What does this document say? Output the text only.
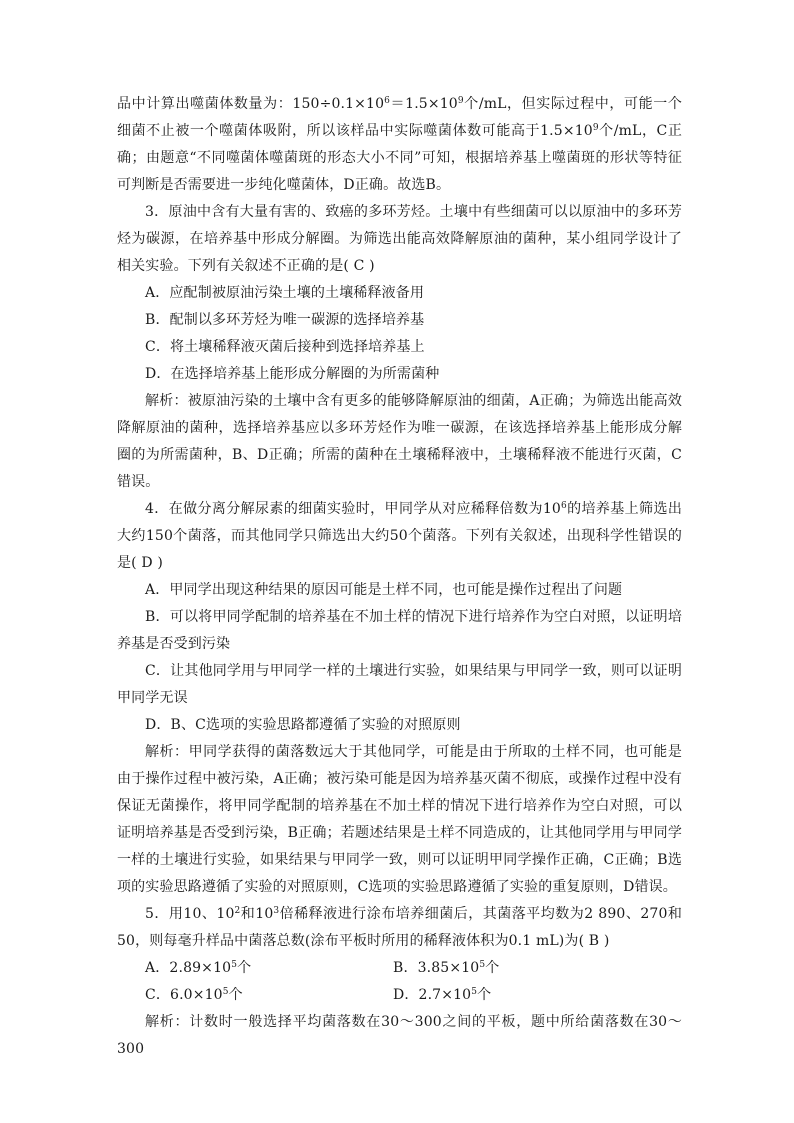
品中计算出噬菌体数量为：$150\div 0.1\times 10^6=1.5\times 10^9$个/mL，但实际过程中，可能一个细菌不止被一个噬菌体吸附，所以该样品中实际噬菌体数可能高于$1.5\times 10^9$个/mL，C正确；由题意“不同噬菌体噬菌斑的形态大小不同”可知，根据培养基上噬菌斑的形状等特征可判断是否需要进一步纯化噬菌体，D正确。故选B。

3．原油中含有大量有害的、致癌的多环芳烃。土壤中有些细菌可以以原油中的多环芳烃为碳源，在培养基中形成分解圈。为筛选出能高效降解原油的菌种，某小组同学设计了相关实验。下列有关叙述不正确的是( C )

A．应配制被原油污染土壤的土壤稀释液备用

B．配制以多环芳烃为唯一碳源的选择培养基

C．将土壤稀释液灭菌后接种到选择培养基上

D．在选择培养基上能形成分解圈的为所需菌种

解析：被原油污染的土壤中含有更多的能够降解原油的细菌，A正确；为筛选出能高效降解原油的菌种，选择培养基应以多环芳烃作为唯一碳源，在该选择培养基上能形成分解圈的为所需菌种，B、D正确；所需的菌种在土壤稀释液中，土壤稀释液不能进行灭菌，C错误。

4．在做分离分解尿素的细菌实验时，甲同学从对应稀释倍数为$10^6$的培养基上筛选出大约150个菌落，而其他同学只筛选出大约50个菌落。下列有关叙述，出现科学性错误的是( D )

A．甲同学出现这种结果的原因可能是土样不同，也可能是操作过程出了问题

B．可以将甲同学配制的培养基在不加土样的情况下进行培养作为空白对照，以证明培养基是否受到污染

C．让其他同学用与甲同学一样的土壤进行实验，如果结果与甲同学一致，则可以证明甲同学无误

D．B、C选项的实验思路都遵循了实验的对照原则

解析：甲同学获得的菌落数远大于其他同学，可能是由于所取的土样不同，也可能是由于操作过程中被污染，A正确；被污染可能是因为培养基灭菌不彻底，或操作过程中没有保证无菌操作，将甲同学配制的培养基在不加土样的情况下进行培养作为空白对照，可以证明培养基是否受到污染，B正确；若题述结果是土样不同造成的，让其他同学用与甲同学一样的土壤进行实验，如果结果与甲同学一致，则可以证明甲同学操作正确，C正确；B选项的实验思路遵循了实验的对照原则，C选项的实验思路遵循了实验的重复原则，D错误。

5．用10、$10^2$和$10^3$倍稀释液进行涂布培养细菌后，其菌落平均数为2 890、270和50，则每毫升样品中菌落总数(涂布平板时所用的稀释液体积为0.1 mL)为( B )

A．$2.89\times 10^5$个	B．$3.85\times 10^5$个
C．$6.0\times 10^5$个	D．$2.7\times 10^5$个

解析：计数时一般选择平均菌落数在30～300之间的平板，题中所给菌落数在30～300
